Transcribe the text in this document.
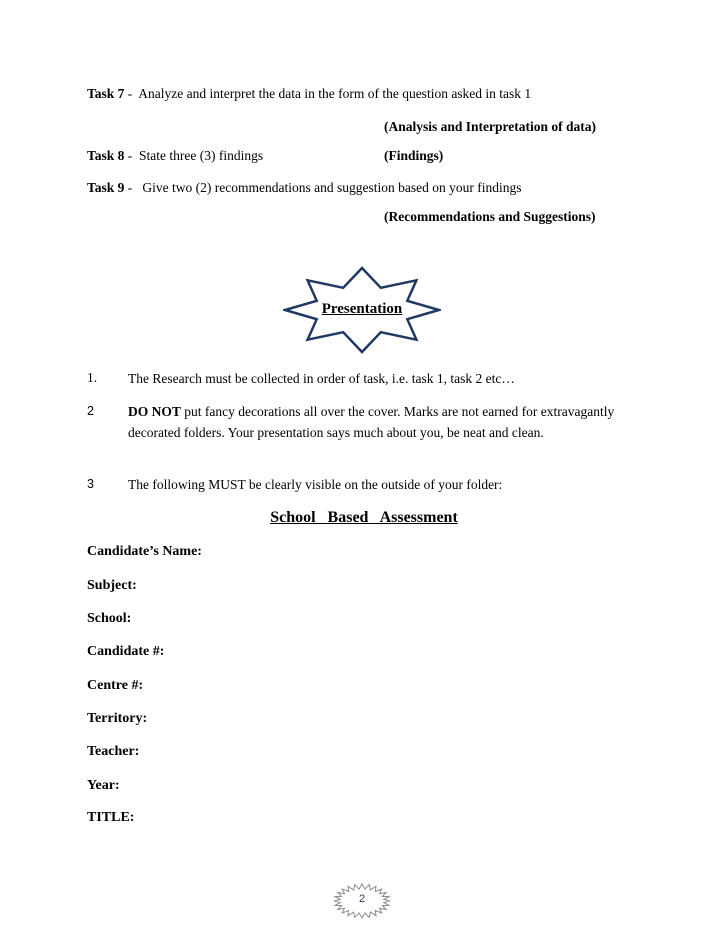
Task 7 -  Analyze and interpret the data in the form of the question asked in task 1
(Analysis and Interpretation of data)
Task 8 -  State three (3) findings	(Findings)
Task 9 -   Give two (2) recommendations and suggestion based on your findings
(Recommendations and Suggestions)
Presentation
1. The Research must be collected in order of task, i.e. task 1, task 2 etc…
2	DO NOT put fancy decorations all over the cover. Marks are not earned for extravagantly decorated folders. Your presentation says much about you, be neat and clean.
3	The following MUST be clearly visible on the outside of your folder:
School   Based   Assessment
Candidate’s Name:
Subject:
School:
Candidate #:
Centre #:
Territory:
Teacher:
Year:
TITLE:
2
